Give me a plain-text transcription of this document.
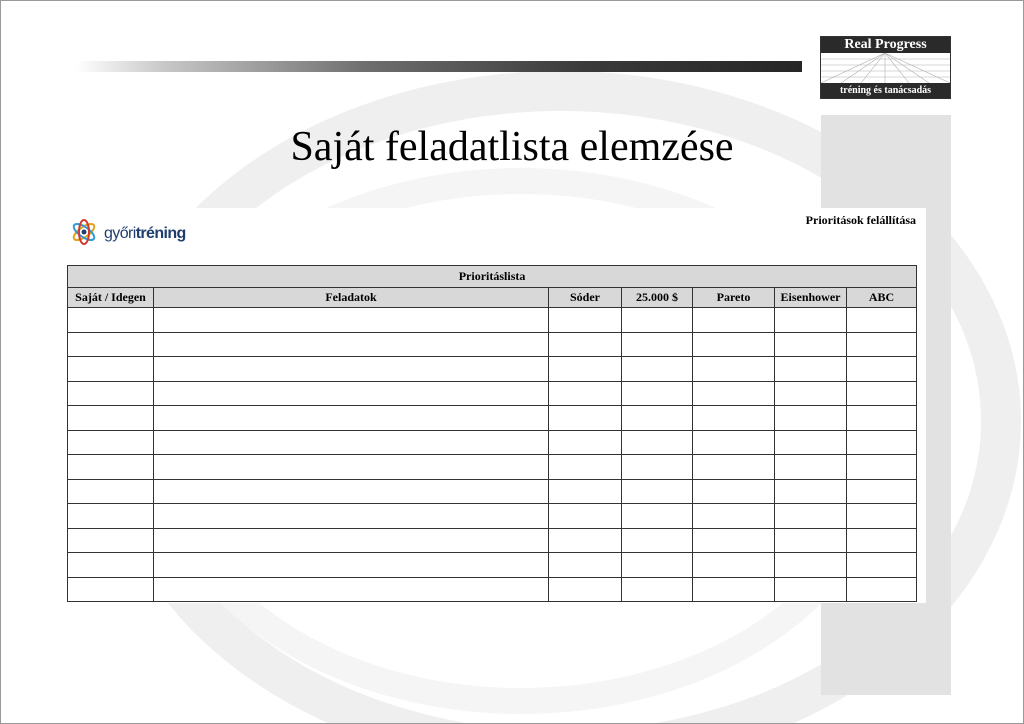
Real Progress
tréning és tanácsadás
Saját feladatlista elemzése
győritréning
Prioritások felállítása
Prioritáslista						
Saját / Idegen	Feladatok	Sóder	25.000 $	Pareto	Eisenhower	ABC
